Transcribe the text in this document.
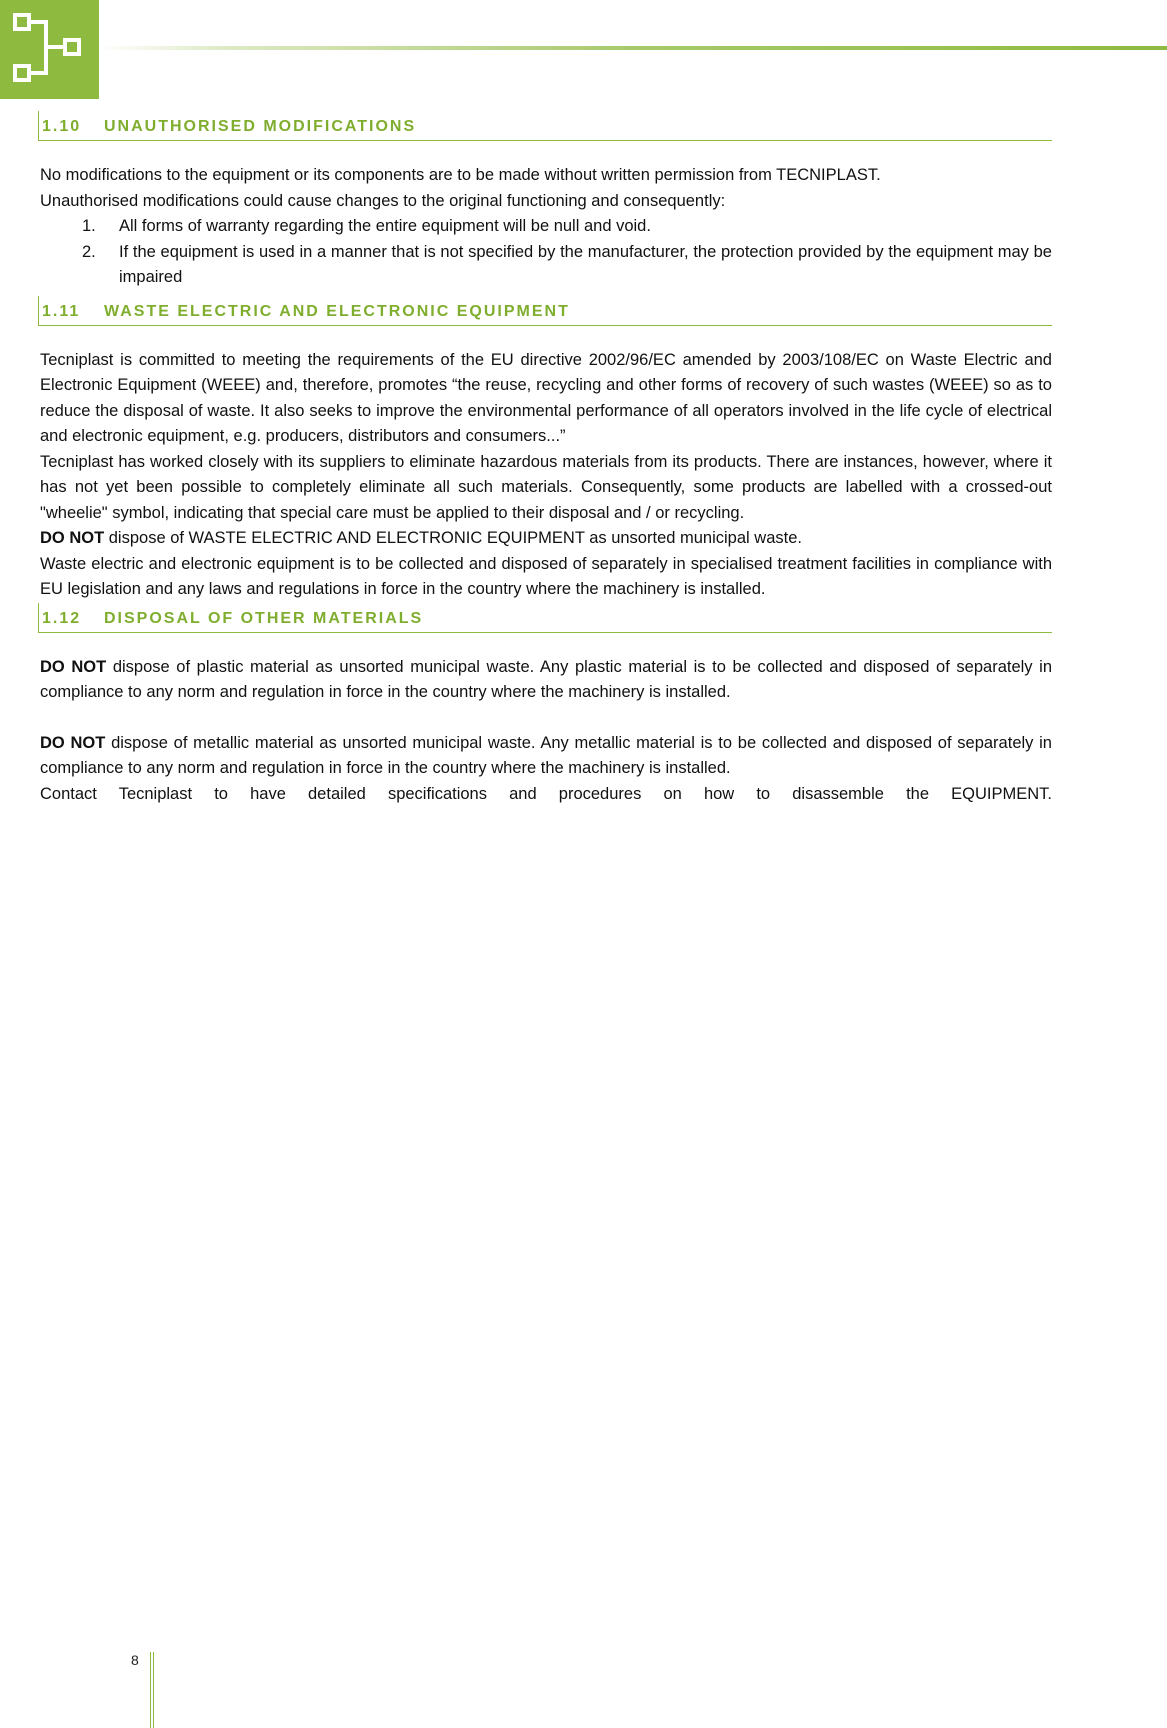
1.10 UNAUTHORISED MODIFICATIONS

No modifications to the equipment or its components are to be made without written permission from TECNIPLAST.

Unauthorised modifications could cause changes to the original functioning and consequently:

1. All forms of warranty regarding the entire equipment will be null and void.
2. If the equipment is used in a manner that is not specified by the manufacturer, the protection provided by the equipment may be impaired
1.11 WASTE ELECTRIC AND ELECTRONIC EQUIPMENT

Tecniplast is committed to meeting the requirements of the EU directive 2002/96/EC amended by 2003/108/EC on Waste Electric and Electronic Equipment (WEEE) and, therefore, promotes “the reuse, recycling and other forms of recovery of such wastes (WEEE) so as to reduce the disposal of waste. It also seeks to improve the environmental performance of all operators involved in the life cycle of electrical and electronic equipment, e.g. producers, distributors and consumers...”

Tecniplast has worked closely with its suppliers to eliminate hazardous materials from its products. There are instances, however, where it has not yet been possible to completely eliminate all such materials. Consequently, some products are labelled with a crossed-out "wheelie" symbol, indicating that special care must be applied to their disposal and / or recycling.

DO NOT dispose of WASTE ELECTRIC AND ELECTRONIC EQUIPMENT as unsorted municipal waste.

Waste electric and electronic equipment is to be collected and disposed of separately in specialised treatment facilities in compliance with EU legislation and any laws and regulations in force in the country where the machinery is installed.

1.12 DISPOSAL OF OTHER MATERIALS

DO NOT dispose of plastic material as unsorted municipal waste. Any plastic material is to be collected and disposed of separately in compliance to any norm and regulation in force in the country where the machinery is installed.

DO NOT dispose of metallic material as unsorted municipal waste. Any metallic material is to be collected and disposed of separately in compliance to any norm and regulation in force in the country where the machinery is installed.

Contact Tecniplast to have detailed specifications and procedures on how to disassemble the EQUIPMENT.

8
